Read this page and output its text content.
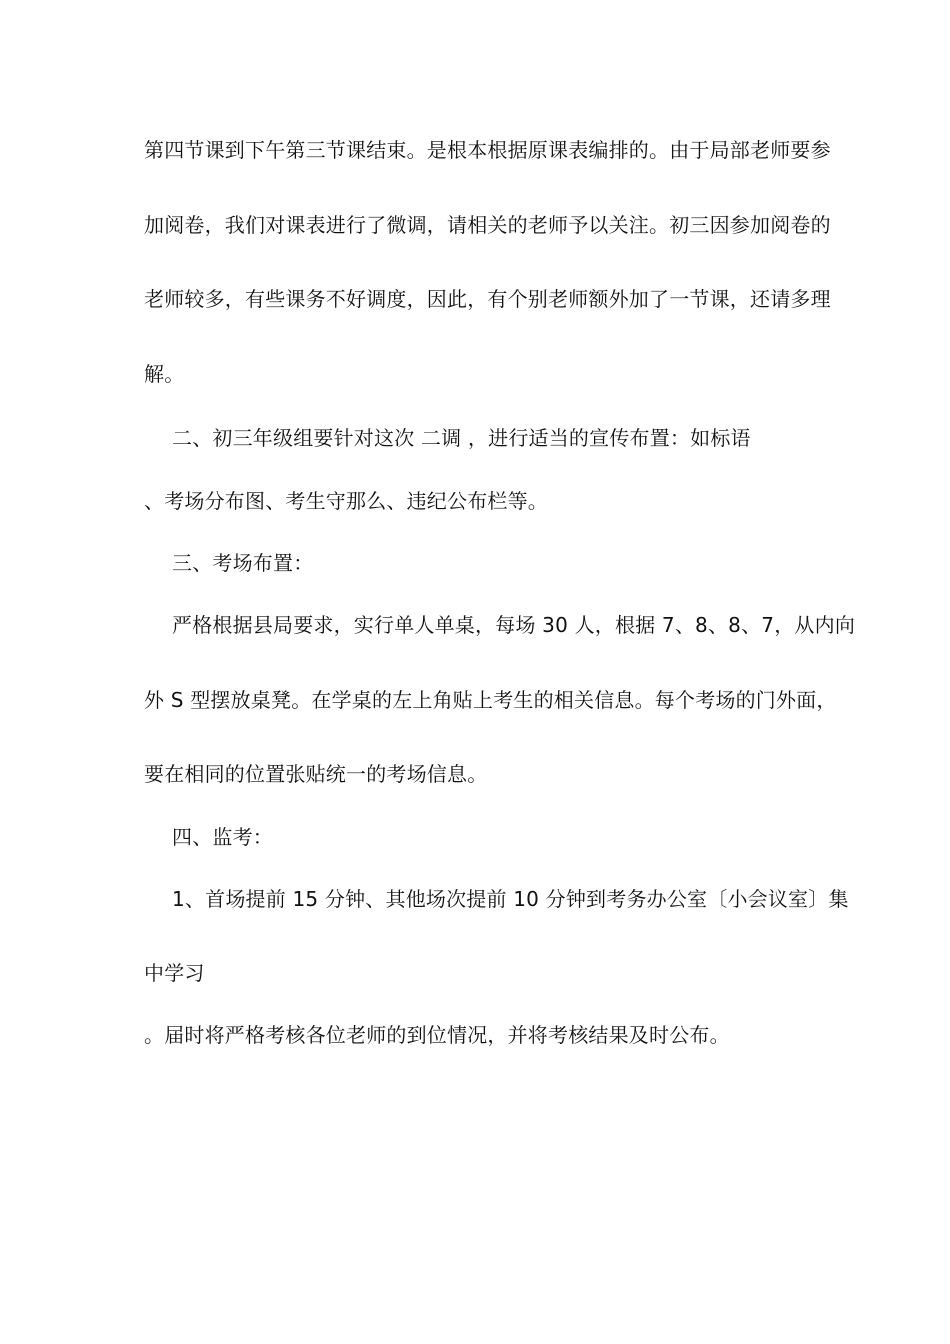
第四节课到下午第三节课结束。是根本根据原课表编排的。由于局部老师要参
加阅卷，我们对课表进行了微调，请相关的老师予以关注。初三因参加阅卷的
老师较多，有些课务不好调度，因此，有个别老师额外加了一节课，还请多理
解。
二、初三年级组要针对这次 二调 ，进行适当的宣传布置：如标语
、考场分布图、考生守那么、违纪公布栏等。
三、考场布置：
严格根据县局要求，实行单人单桌，每场 30 人，根据 7、8、8、7，从内向
外 S 型摆放桌凳。在学桌的左上角贴上考生的相关信息。每个考场的门外面，
要在相同的位置张贴统一的考场信息。
四、监考：
1、首场提前 15 分钟、其他场次提前 10 分钟到考务办公室〔小会议室〕集
中学习
。届时将严格考核各位老师的到位情况，并将考核结果及时公布。
